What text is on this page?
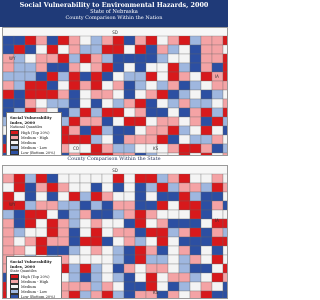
Social Vulnerability to Environmental Hazards, 2000
State of Nebraska
County Comparison Within the Nation
SD
WY
IA
KS
CO
Social Vulnerability Index, 2000
National Quantiles
High (Top 20%)
Medium - High
Medium
Medium - Low
Low (Bottom 20%)
County Comparison Within the State
SD
WY
IA
KS
Social Vulnerability Index, 2000
State Quantiles
High (Top 20%)
Medium - High
Medium
Medium - Low
Low (Bottom 20%)
